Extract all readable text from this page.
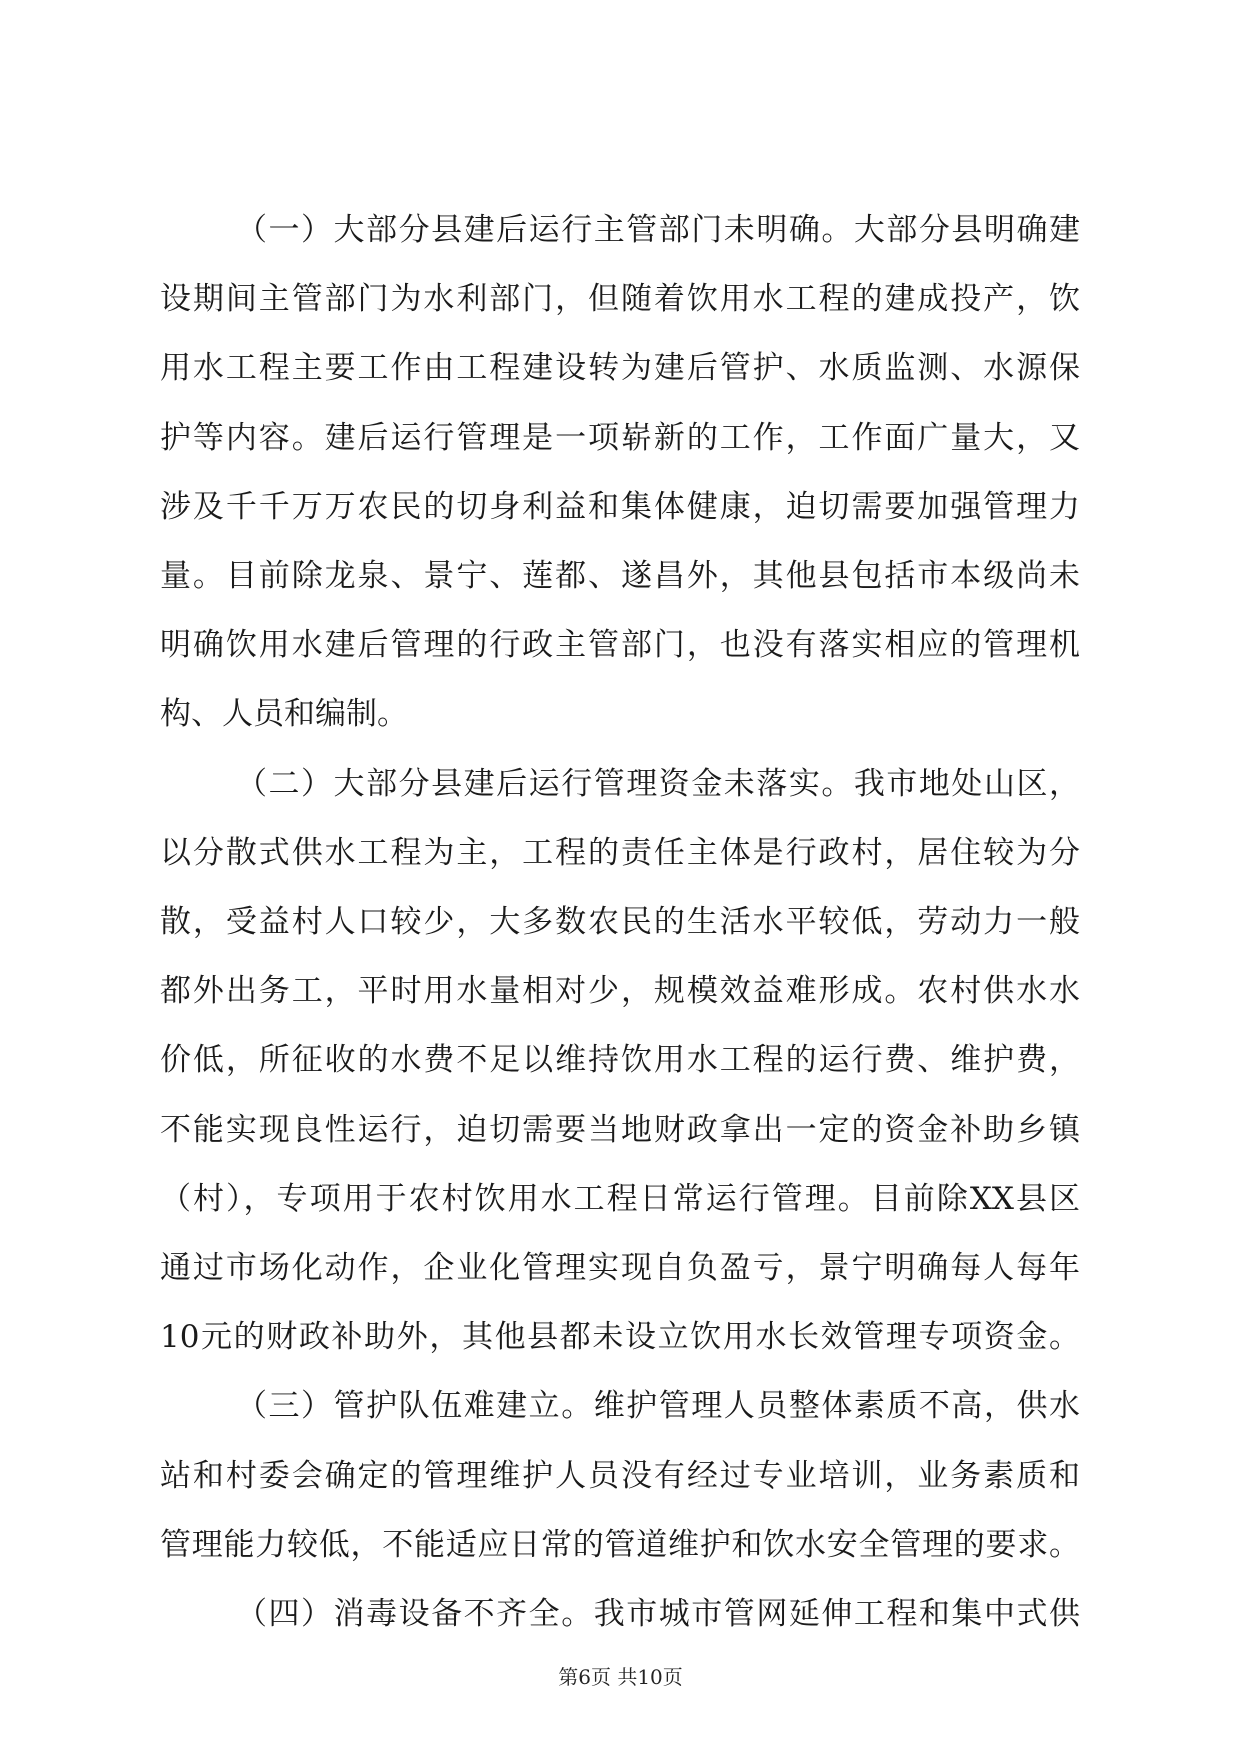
（一）大部分县建后运行主管部门未明确。大部分县明确建
设期间主管部门为水利部门，但随着饮用水工程的建成投产，饮
用水工程主要工作由工程建设转为建后管护、水质监测、水源保
护等内容。建后运行管理是一项崭新的工作，工作面广量大，又
涉及千千万万农民的切身利益和集体健康，迫切需要加强管理力
量。目前除龙泉、景宁、莲都、遂昌外，其他县包括市本级尚未
明确饮用水建后管理的行政主管部门，也没有落实相应的管理机
构、人员和编制。
（二）大部分县建后运行管理资金未落实。我市地处山区，
以分散式供水工程为主，工程的责任主体是行政村，居住较为分
散，受益村人口较少，大多数农民的生活水平较低，劳动力一般
都外出务工，平时用水量相对少，规模效益难形成。农村供水水
价低，所征收的水费不足以维持饮用水工程的运行费、维护费，
不能实现良性运行，迫切需要当地财政拿出一定的资金补助乡镇
（村），专项用于农村饮用水工程日常运行管理。目前除XX县区
通过市场化动作，企业化管理实现自负盈亏，景宁明确每人每年
10元的财政补助外，其他县都未设立饮用水长效管理专项资金。
（三）管护队伍难建立。维护管理人员整体素质不高，供水
站和村委会确定的管理维护人员没有经过专业培训，业务素质和
管理能力较低，不能适应日常的管道维护和饮水安全管理的要求。
（四）消毒设备不齐全。我市城市管网延伸工程和集中式供
第6页 共10页
